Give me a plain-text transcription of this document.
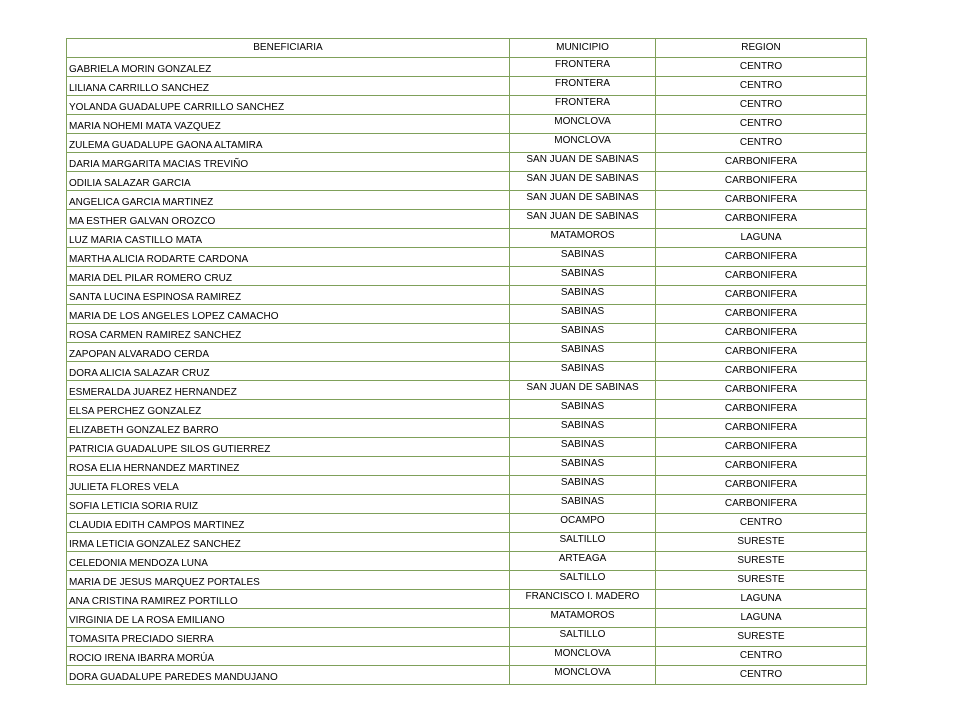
BENEFICIARIA	MUNICIPIO	REGION
GABRIELA MORIN GONZALEZ	FRONTERA	CENTRO
LILIANA CARRILLO SANCHEZ	FRONTERA	CENTRO
YOLANDA GUADALUPE CARRILLO SANCHEZ	FRONTERA	CENTRO
MARIA NOHEMI MATA VAZQUEZ	MONCLOVA	CENTRO
ZULEMA GUADALUPE GAONA ALTAMIRA	MONCLOVA	CENTRO
DARIA MARGARITA MACIAS TREVIÑO	SAN JUAN DE SABINAS	CARBONIFERA
ODILIA SALAZAR GARCIA	SAN JUAN DE SABINAS	CARBONIFERA
ANGELICA GARCIA MARTINEZ	SAN JUAN DE SABINAS	CARBONIFERA
MA ESTHER GALVAN OROZCO	SAN JUAN DE SABINAS	CARBONIFERA
LUZ MARIA CASTILLO MATA	MATAMOROS	LAGUNA
MARTHA ALICIA RODARTE CARDONA	SABINAS	CARBONIFERA
MARIA DEL PILAR ROMERO CRUZ	SABINAS	CARBONIFERA
SANTA LUCINA ESPINOSA RAMIREZ	SABINAS	CARBONIFERA
MARIA DE LOS ANGELES LOPEZ CAMACHO	SABINAS	CARBONIFERA
ROSA CARMEN RAMIREZ SANCHEZ	SABINAS	CARBONIFERA
ZAPOPAN ALVARADO CERDA	SABINAS	CARBONIFERA
DORA ALICIA SALAZAR CRUZ	SABINAS	CARBONIFERA
ESMERALDA JUAREZ HERNANDEZ	SAN JUAN DE SABINAS	CARBONIFERA
ELSA PERCHEZ GONZALEZ	SABINAS	CARBONIFERA
ELIZABETH GONZALEZ BARRO	SABINAS	CARBONIFERA
PATRICIA GUADALUPE SILOS GUTIERREZ	SABINAS	CARBONIFERA
ROSA ELIA HERNANDEZ MARTINEZ	SABINAS	CARBONIFERA
JULIETA FLORES VELA	SABINAS	CARBONIFERA
SOFIA LETICIA SORIA RUIZ	SABINAS	CARBONIFERA
CLAUDIA EDITH CAMPOS MARTINEZ	OCAMPO	CENTRO
IRMA LETICIA GONZALEZ SANCHEZ	SALTILLO	SURESTE
CELEDONIA MENDOZA LUNA	ARTEAGA	SURESTE
MARIA DE JESUS MARQUEZ PORTALES	SALTILLO	SURESTE
ANA CRISTINA RAMIREZ PORTILLO	FRANCISCO I. MADERO	LAGUNA
VIRGINIA DE LA ROSA EMILIANO	MATAMOROS	LAGUNA
TOMASITA PRECIADO SIERRA	SALTILLO	SURESTE
ROCIO IRENA IBARRA MORÚA	MONCLOVA	CENTRO
DORA GUADALUPE PAREDES MANDUJANO	MONCLOVA	CENTRO
